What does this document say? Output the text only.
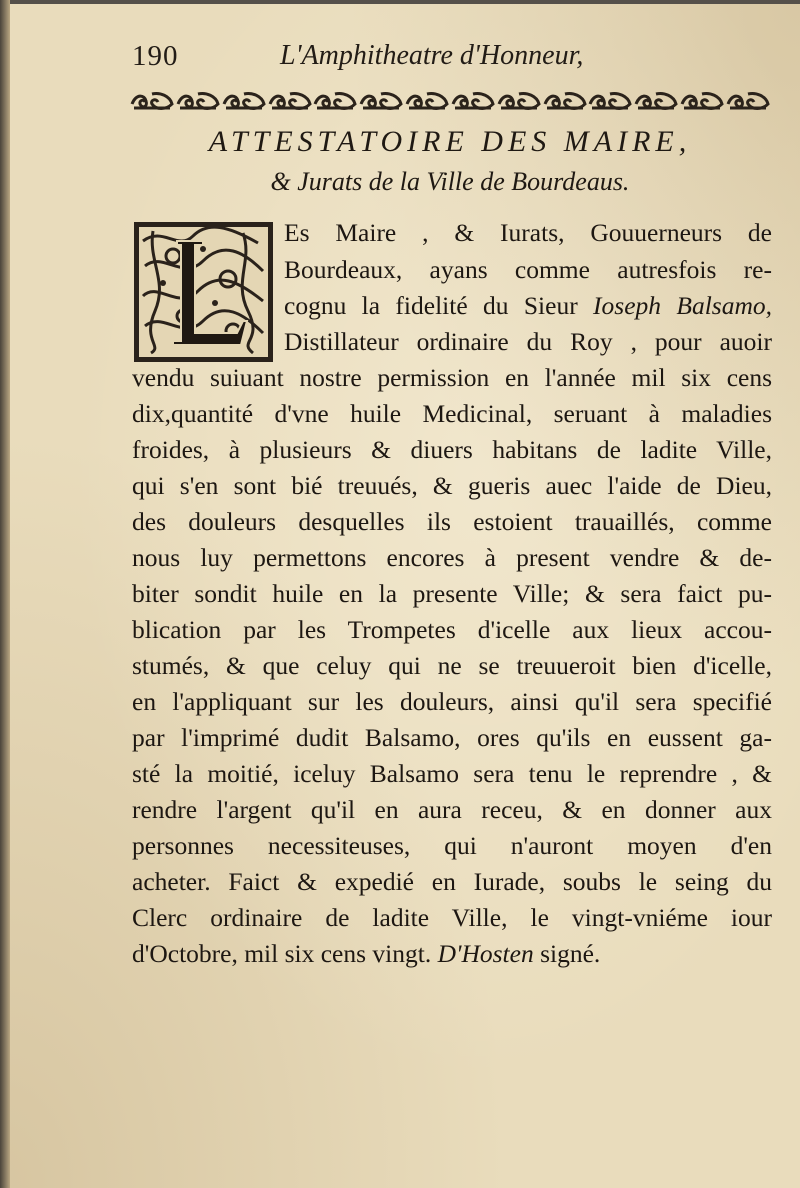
190	L'Amphitheatre d'Honneur,
ATTESTATOIRE DES MAIRE,
& Jurats de la Ville de Bourdeaus.
Es Maire , & Iurats, Gouuerneurs de
Bourdeaux, ayans comme autresfois re-
cognu la fidelité du Sieur Ioseph Balsamo,
Distillateur ordinaire du Roy , pour auoir
vendu suiuant nostre permission en l'année mil six cens
dix,quantité d'vne huile Medicinal, seruant à maladies
froides, à plusieurs & diuers habitans de ladite Ville,
qui s'en sont bié treuués, & gueris auec l'aide de Dieu,
des douleurs desquelles ils estoient trauaillés, comme
nous luy permettons encores à present vendre & de-
biter sondit huile en la presente Ville; & sera faict pu-
blication par les Trompetes d'icelle aux lieux accou-
stumés, & que celuy qui ne se treuueroit bien d'icelle,
en l'appliquant sur les douleurs, ainsi qu'il sera specifié
par l'imprimé dudit Balsamo, ores qu'ils en eussent ga-
sté la moitié, iceluy Balsamo sera tenu le reprendre , &
rendre l'argent qu'il en aura receu, & en donner aux
personnes necessiteuses, qui n'auront moyen d'en
acheter. Faict & expedié en Iurade, soubs le seing du
Clerc ordinaire de ladite Ville, le vingt-vniéme iour
d'Octobre, mil six cens vingt. D'Hosten signé.
